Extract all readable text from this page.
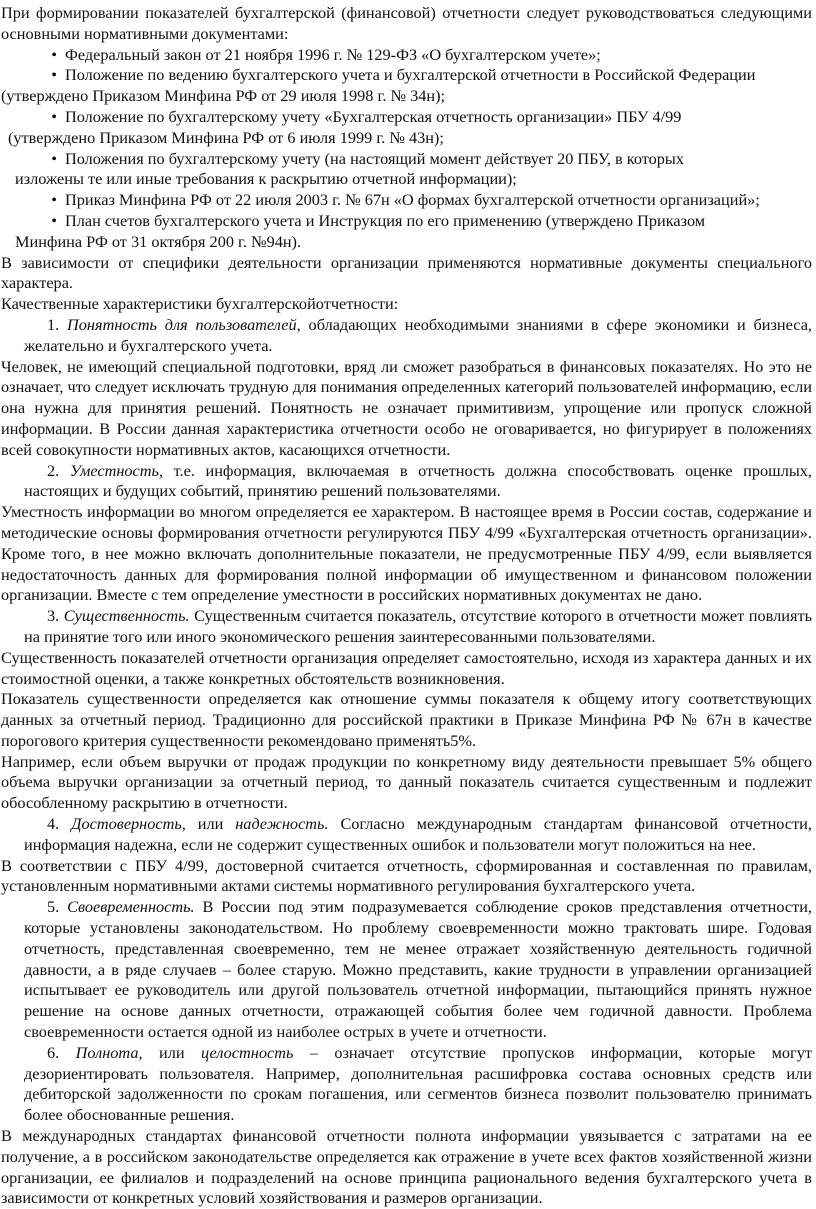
При формировании показателей бухгалтерской (финансовой) отчетности следует руководствоваться следующими основными нормативными документами:

• Федеральный закон от 21 ноября 1996 г. № 129-ФЗ «О бухгалтерском учете»;
• Положение по ведению бухгалтерского учета и бухгалтерской отчетности в Российской Федерации

(утверждено Приказом Минфина РФ от 29 июля 1998 г. № 34н);

• Положение по бухгалтерскому учету «Бухгалтерская отчетность организации» ПБУ 4/99

(утверждено Приказом Минфина РФ от 6 июля 1999 г. № 43н);

• Положения по бухгалтерскому учету (на настоящий момент действует 20 ПБУ, в которых

изложены те или иные требования к раскрытию отчетной информации);

• Приказ Минфина РФ от 22 июля 2003 г. № 67н «О формах бухгалтерской отчетности организаций»;
• План счетов бухгалтерского учета и Инструкция по его применению (утверждено Приказом

Минфина РФ от 31 октября 200 г. №94н).

В зависимости от специфики деятельности организации применяются нормативные документы специального характера.

Качественные характеристики бухгалтерскойотчетности:

1. Понятность для пользователей, обладающих необходимыми знаниями в сфере экономики и бизнеса, желательно и бухгалтерского учета.

Человек, не имеющий специальной подготовки, вряд ли сможет разобраться в финансовых показателях. Но это не означает, что следует исключать трудную для понимания определенных категорий пользователей информацию, если она нужна для принятия решений. Понятность не означает примитивизм, упрощение или пропуск сложной информации. В России данная характеристика отчетности особо не оговаривается, но фигурирует в положениях всей совокупности нормативных актов, касающихся отчетности.

2. Уместность, т.е. информация, включаемая в отчетность должна способствовать оценке прошлых, настоящих и будущих событий, принятию решений пользователями.

Уместность информации во многом определяется ее характером. В настоящее время в России состав, содержание и методические основы формирования отчетности регулируются ПБУ 4/99 «Бухгалтерская отчетность организации». Кроме того, в нее можно включать дополнительные показатели, не предусмотренные ПБУ 4/99, если выявляется недостаточность данных для формирования полной информации об имущественном и финансовом положении организации. Вместе с тем определение уместности в российских нормативных документах не дано.

3. Существенность. Существенным считается показатель, отсутствие которого в отчетности может повлиять на принятие того или иного экономического решения заинтересованными пользователями.

Существенность показателей отчетности организация определяет самостоятельно, исходя из характера данных и их стоимостной оценки, а также конкретных обстоятельств возникновения.

Показатель существенности определяется как отношение суммы показателя к общему итогу соответствующих данных за отчетный период. Традиционно для российской практики в Приказе Минфина РФ № 67н в качестве порогового критерия существенности рекомендовано применять5%.

Например, если объем выручки от продаж продукции по конкретному виду деятельности превышает 5% общего объема выручки организации за отчетный период, то данный показатель считается существенным и подлежит обособленному раскрытию в отчетности.

4. Достоверность, или надежность. Согласно международным стандартам финансовой отчетности, информация надежна, если не содержит существенных ошибок и пользователи могут положиться на нее.

В соответствии с ПБУ 4/99, достоверной считается отчетность, сформированная и составленная по правилам, установленным нормативными актами системы нормативного регулирования бухгалтерского учета.

5. Своевременность. В России под этим подразумевается соблюдение сроков представления отчетности, которые установлены законодательством. Но проблему своевременности можно трактовать шире. Годовая отчетность, представленная своевременно, тем не менее отражает хозяйственную деятельность годичной давности, а в ряде случаев – более старую. Можно представить, какие трудности в управлении организацией испытывает ее руководитель или другой пользователь отчетной информации, пытающийся принять нужное решение на основе данных отчетности, отражающей события более чем годичной давности. Проблема своевременности остается одной из наиболее острых в учете и отчетности.

6. Полнота, или целостность – означает отсутствие пропусков информации, которые могут дезориентировать пользователя. Например, дополнительная расшифровка состава основных средств или дебиторской задолженности по срокам погашения, или сегментов бизнеса позволит пользователю принимать более обоснованные решения.

В международных стандартах финансовой отчетности полнота информации увязывается с затратами на ее получение, а в российском законодательстве определяется как отражение в учете всех фактов хозяйственной жизни организации, ее филиалов и подразделений на основе принципа рационального ведения бухгалтерского учета в зависимости от конкретных условий хозяйствования и размеров организации.
